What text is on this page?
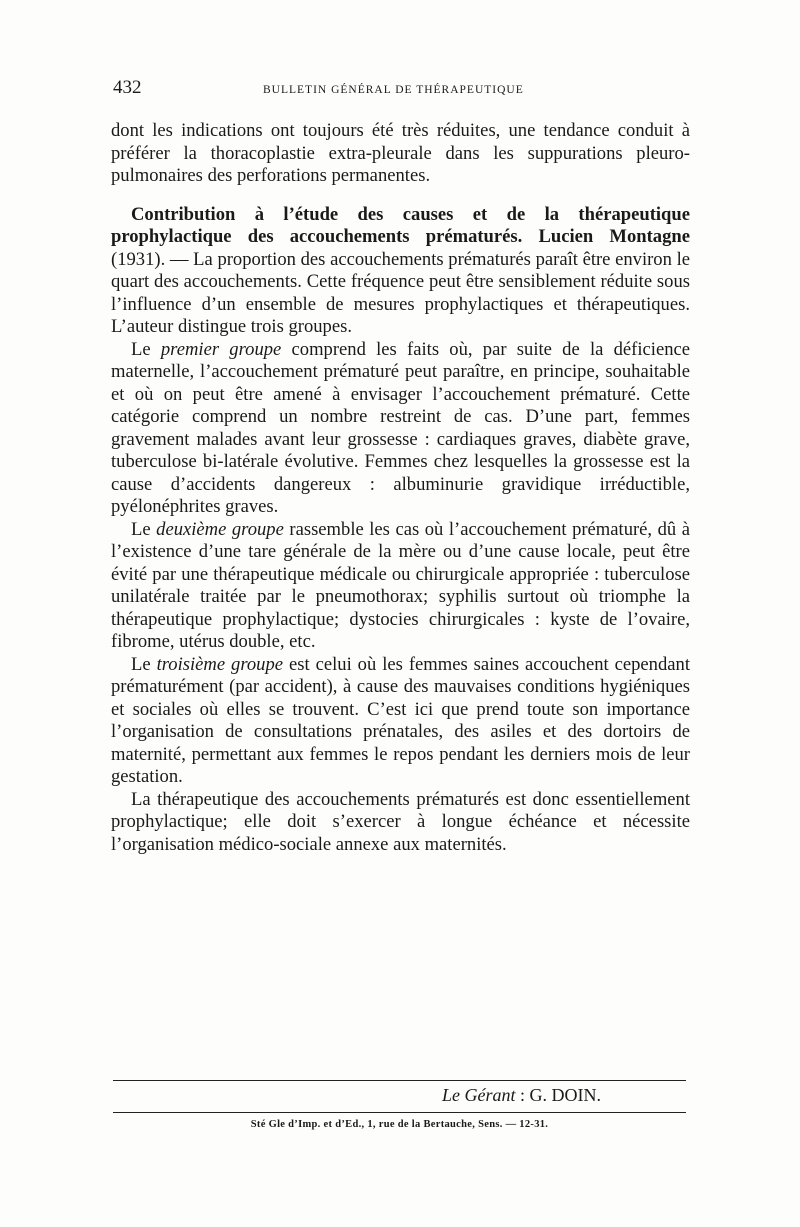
432	BULLETIN GÉNÉRAL DE THÉRAPEUTIQUE

dont les indications ont toujours été très réduites, une tendance conduit à préférer la thoracoplastie extra-pleurale dans les suppurations pleuro-pulmonaires des perforations permanentes.

Contribution à l’étude des causes et de la thérapeutique prophylactique des accouchements prématurés. Lucien Montagne (1931). — La proportion des accouchements prématurés paraît être environ le quart des accouchements. Cette fréquence peut être sensiblement réduite sous l’influence d’un ensemble de mesures prophylactiques et thérapeutiques. L’auteur distingue trois groupes.

Le premier groupe comprend les faits où, par suite de la déficience maternelle, l’accouchement prématuré peut paraître, en principe, souhaitable et où on peut être amené à envisager l’accouchement prématuré. Cette catégorie comprend un nombre restreint de cas. D’une part, femmes gravement malades avant leur grossesse : cardiaques graves, diabète grave, tuberculose bi-latérale évolutive. Femmes chez lesquelles la grossesse est la cause d’accidents dangereux : albuminurie gravidique irréductible, pyélonéphrites graves.

Le deuxième groupe rassemble les cas où l’accouchement prématuré, dû à l’existence d’une tare générale de la mère ou d’une cause locale, peut être évité par une thérapeutique médicale ou chirurgicale appropriée : tuberculose unilatérale traitée par le pneumothorax; syphilis surtout où triomphe la thérapeutique prophylactique; dystocies chirurgicales : kyste de l’ovaire, fibrome, utérus double, etc.

Le troisième groupe est celui où les femmes saines accouchent cependant prématurément (par accident), à cause des mauvaises conditions hygiéniques et sociales où elles se trouvent. C’est ici que prend toute son importance l’organisation de consultations prénatales, des asiles et des dortoirs de maternité, permettant aux femmes le repos pendant les derniers mois de leur gestation.

La thérapeutique des accouchements prématurés est donc essentiellement prophylactique; elle doit s’exercer à longue échéance et nécessite l’organisation médico-sociale annexe aux maternités.

Le Gérant : G. DOIN.
Sté Gle d’Imp. et d’Ed., 1, rue de la Bertauche, Sens. — 12-31.
